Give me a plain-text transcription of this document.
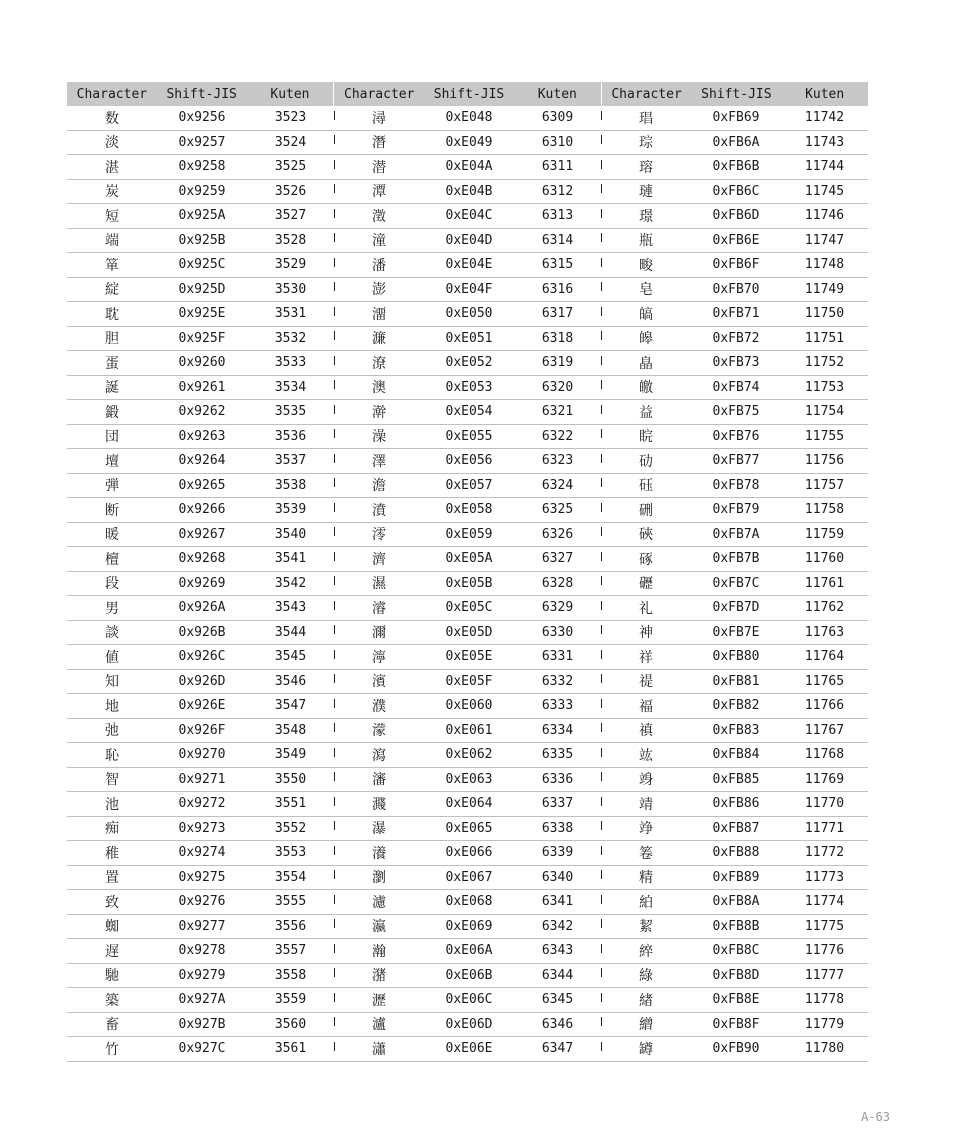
Character	Shift-JIS	Kuten	Character	Shift-JIS	Kuten	Character	Shift-JIS	Kuten
数	0x9256	3523	潯	0xE048	6309	琩	0xFB69	11742
淡	0x9257	3524	潛	0xE049	6310	琮	0xFB6A	11743
湛	0x9258	3525	潜	0xE04A	6311	瑢	0xFB6B	11744
炭	0x9259	3526	潭	0xE04B	6312	璉	0xFB6C	11745
短	0x925A	3527	澂	0xE04C	6313	璟	0xFB6D	11746
端	0x925B	3528	潼	0xE04D	6314	瓶	0xFB6E	11747
箪	0x925C	3529	潘	0xE04E	6315	畯	0xFB6F	11748
綻	0x925D	3530	澎	0xE04F	6316	皂	0xFB70	11749
耽	0x925E	3531	澑	0xE050	6317	皜	0xFB71	11750
胆	0x925F	3532	濂	0xE051	6318	皞	0xFB72	11751
蛋	0x9260	3533	潦	0xE052	6319	皛	0xFB73	11752
誕	0x9261	3534	澳	0xE053	6320	皦	0xFB74	11753
鍛	0x9262	3535	澣	0xE054	6321	益	0xFB75	11754
団	0x9263	3536	澡	0xE055	6322	睆	0xFB76	11755
壇	0x9264	3537	澤	0xE056	6323	劯	0xFB77	11756
弾	0x9265	3538	澹	0xE057	6324	砡	0xFB78	11757
断	0x9266	3539	濆	0xE058	6325	硎	0xFB79	11758
暖	0x9267	3540	澪	0xE059	6326	硤	0xFB7A	11759
檀	0x9268	3541	濟	0xE05A	6327	硺	0xFB7B	11760
段	0x9269	3542	濕	0xE05B	6328	礰	0xFB7C	11761
男	0x926A	3543	濬	0xE05C	6329	礼	0xFB7D	11762
談	0x926B	3544	濔	0xE05D	6330	神	0xFB7E	11763
値	0x926C	3545	濘	0xE05E	6331	祥	0xFB80	11764
知	0x926D	3546	濱	0xE05F	6332	禔	0xFB81	11765
地	0x926E	3547	濮	0xE060	6333	福	0xFB82	11766
弛	0x926F	3548	濛	0xE061	6334	禛	0xFB83	11767
恥	0x9270	3549	瀉	0xE062	6335	竑	0xFB84	11768
智	0x9271	3550	瀋	0xE063	6336	竧	0xFB85	11769
池	0x9272	3551	濺	0xE064	6337	靖	0xFB86	11770
痴	0x9273	3552	瀑	0xE065	6338	竫	0xFB87	11771
稚	0x9274	3553	瀁	0xE066	6339	箞	0xFB88	11772
置	0x9275	3554	瀏	0xE067	6340	精	0xFB89	11773
致	0x9276	3555	濾	0xE068	6341	絈	0xFB8A	11774
蜘	0x9277	3556	瀛	0xE069	6342	絜	0xFB8B	11775
遅	0x9278	3557	瀚	0xE06A	6343	綷	0xFB8C	11776
馳	0x9279	3558	潴	0xE06B	6344	綠	0xFB8D	11777
築	0x927A	3559	瀝	0xE06C	6345	緖	0xFB8E	11778
畜	0x927B	3560	瀘	0xE06D	6346	繒	0xFB8F	11779
竹	0x927C	3561	瀟	0xE06E	6347	罇	0xFB90	11780
A-63
